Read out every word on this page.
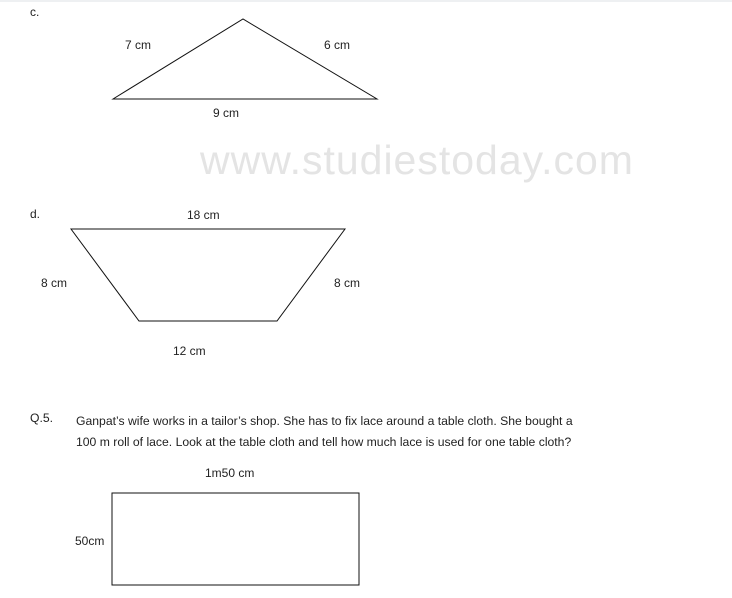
www.studiestoday.com
c.
7 cm	6 cm
9 cm
d.	18 cm
8 cm	8 cm
12 cm
Q.5. Ganpat’s wife works in a tailor’s shop. She has to fix lace around a table cloth. She bought a
100 m roll of lace. Look at the table cloth and tell how much lace is used for one table cloth?
1m50 cm
50cm
